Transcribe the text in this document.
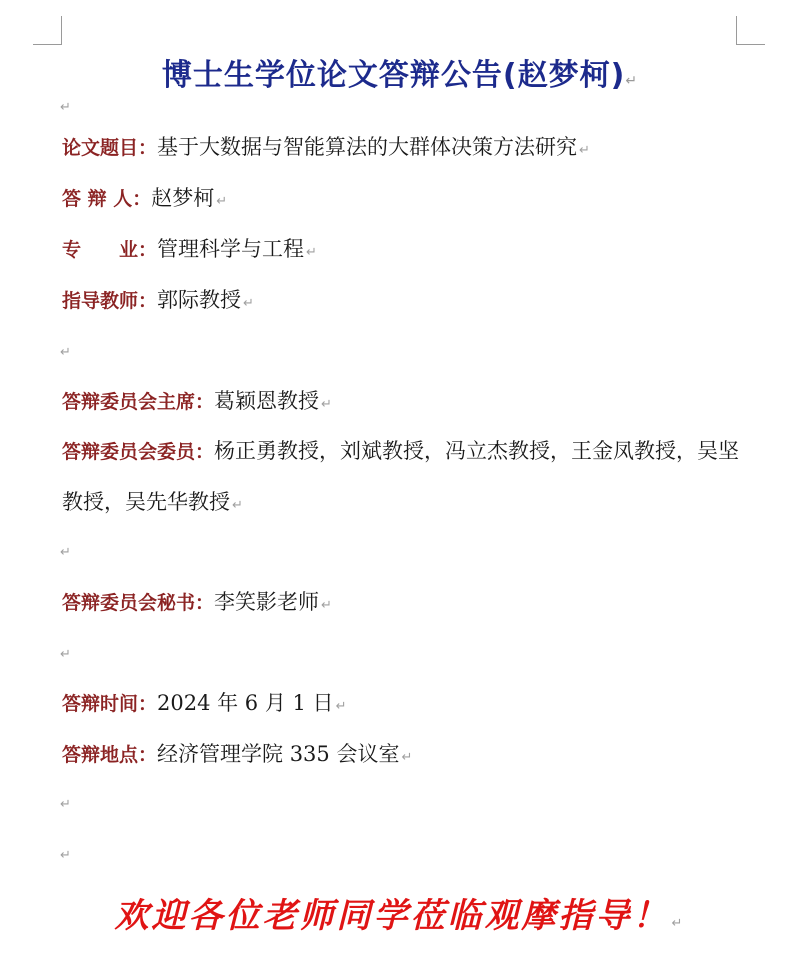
博士生学位论文答辩公告(赵梦柯)↵
↵
论文题目：基于大数据与智能算法的大群体决策方法研究 ↵
答 辩 人：赵梦柯 ↵
专　　业：管理科学与工程 ↵
指导教师：郭际教授 ↵
↵
答辩委员会主席：葛颖恩教授 ↵
答辩委员会委员：杨正勇教授，刘斌教授，冯立杰教授，王金凤教授，吴坚教授，吴先华教授 ↵
↵
答辩委员会秘书：李笑影老师 ↵
↵
答辩时间：2024 年 6 月 1 日 ↵
答辩地点：经济管理学院 335 会议室 ↵
↵
↵
欢迎各位老师同学莅临观摩指导！ ↵
